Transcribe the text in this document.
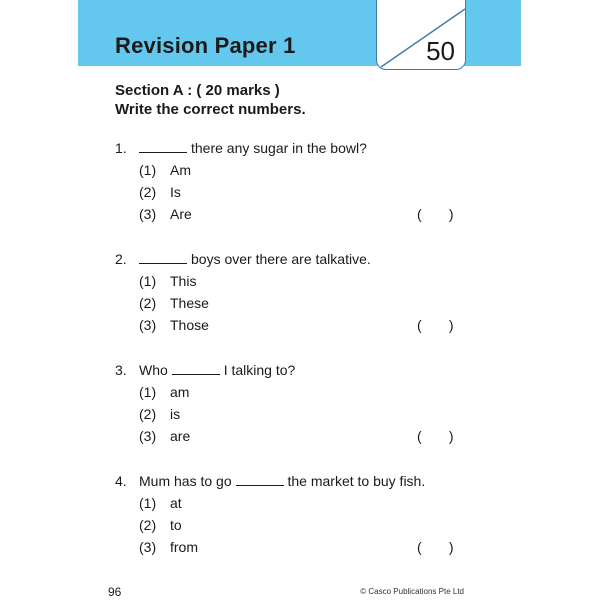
Revision Paper 1	50
Section A : ( 20 marks )
Write the correct numbers.
1.	there any sugar in the bowl?
(1) Am
(2) Is
(3) Are	(       )
2.	boys over there are talkative.
(1) This
(2) These
(3) Those	(       )
3. Who	I talking to?
(1) am
(2) is
(3) are	(       )
4. Mum has to go	the market to buy fish.
(1) at
(2) to
(3) from	(       )
96	© Casco Publications Pte Ltd
